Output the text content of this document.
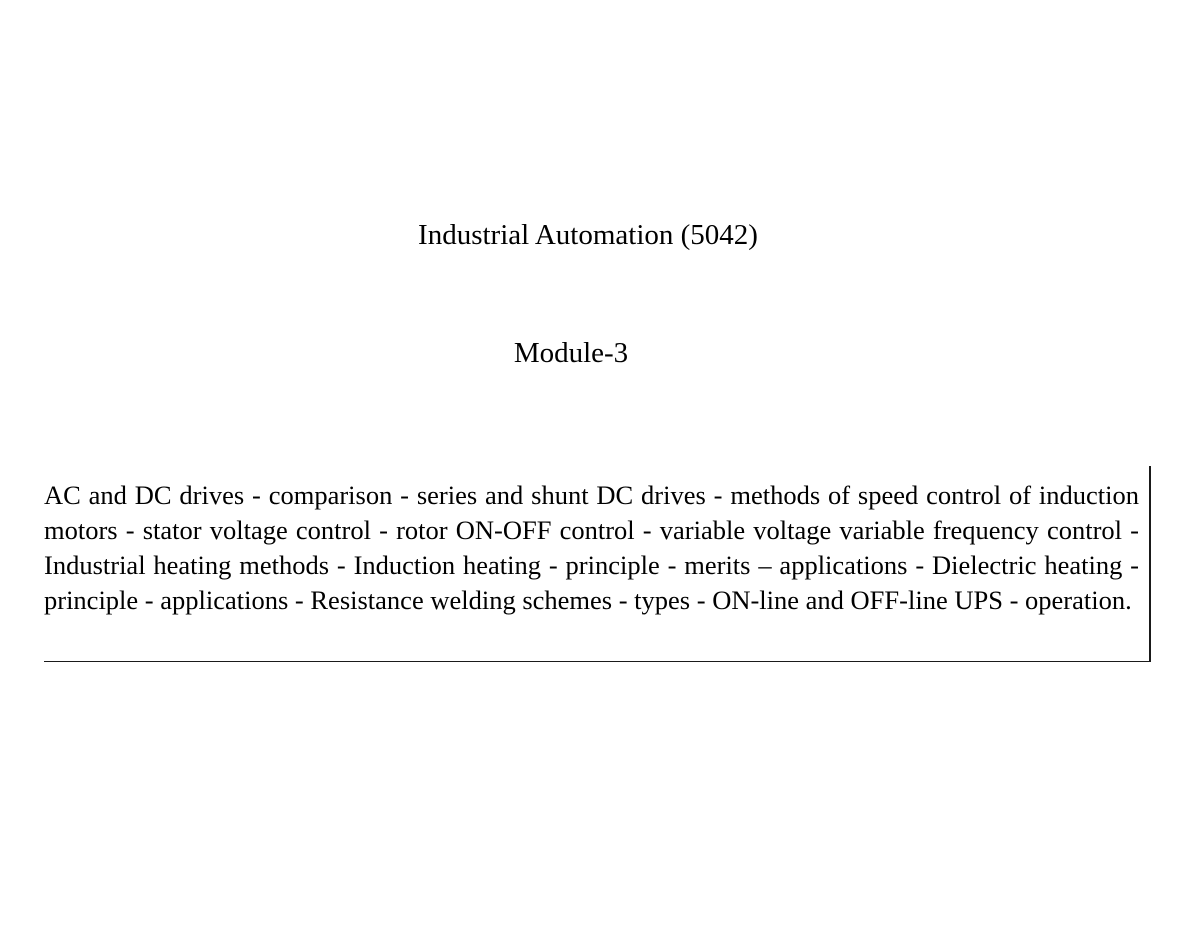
Industrial Automation (5042)
Module-3

AC and DC drives - comparison - series and shunt DC drives - methods of speed control of induction motors - stator voltage control - rotor ON-OFF control - variable voltage variable frequency control - Industrial heating methods - Induction heating - principle - merits – applications - Dielectric heating - principle - applications - Resistance welding schemes - types - ON-line and OFF-line UPS - operation.
